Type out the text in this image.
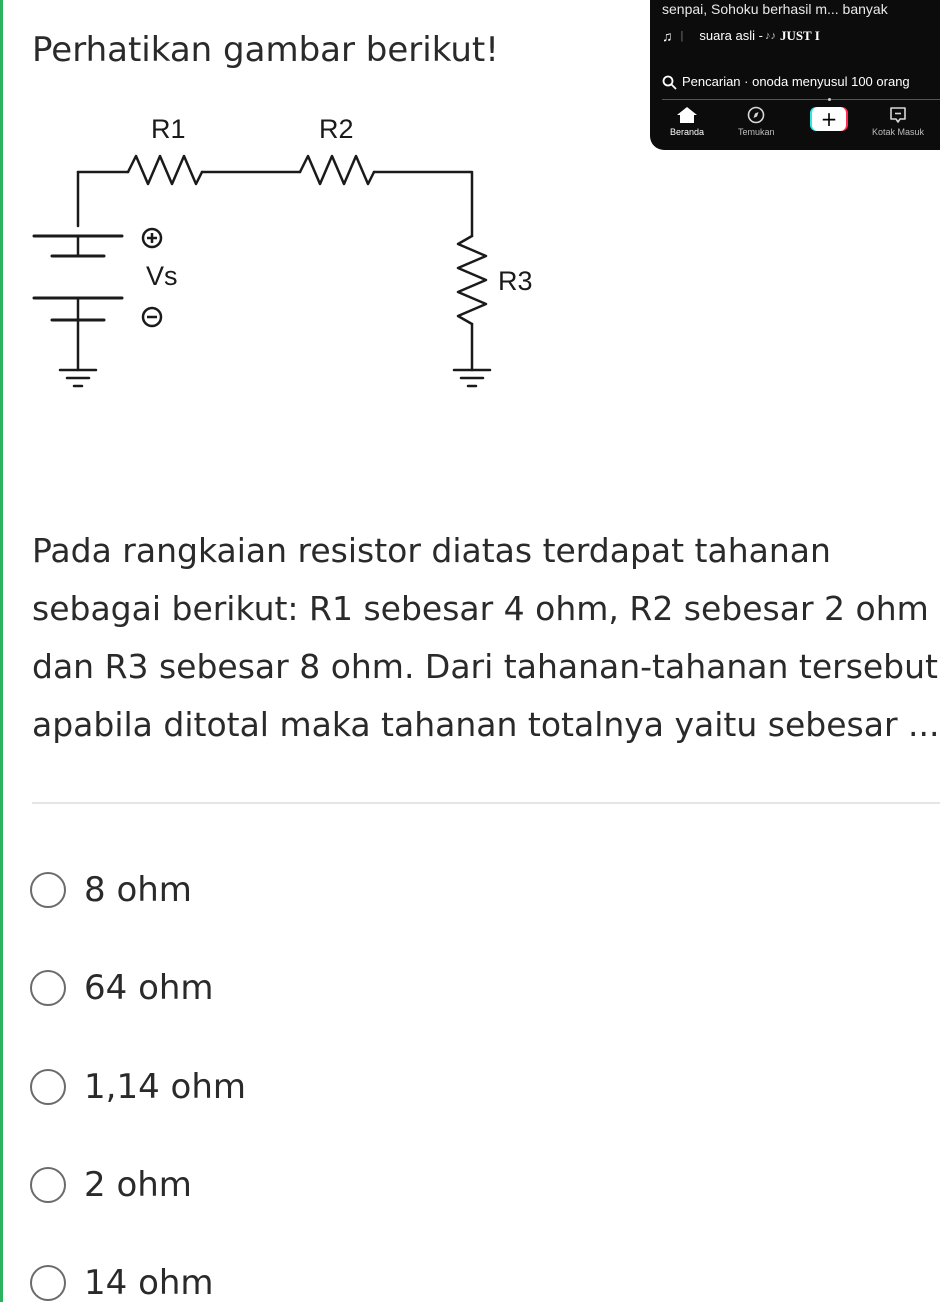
Perhatikan gambar berikut!
R1	R2
R3
Vs
Pada rangkaian resistor diatas terdapat tahanan
sebagai berikut: R1 sebesar 4 ohm, R2 sebesar 2 ohm
dan R3 sebesar 8 ohm. Dari tahanan-tahanan tersebut
apabila ditotal maka tahanan totalnya yaitu sebesar ...
8 ohm
64 ohm
1,14 ohm
2 ohm
14 ohm
senpai, Sohoku berhasil m... banyak
♫ | suara asli - ♪♪ JUST I
Pencarian · onoda menyusul 100 orang
Beranda	Temukan
+
Kotak Masuk
